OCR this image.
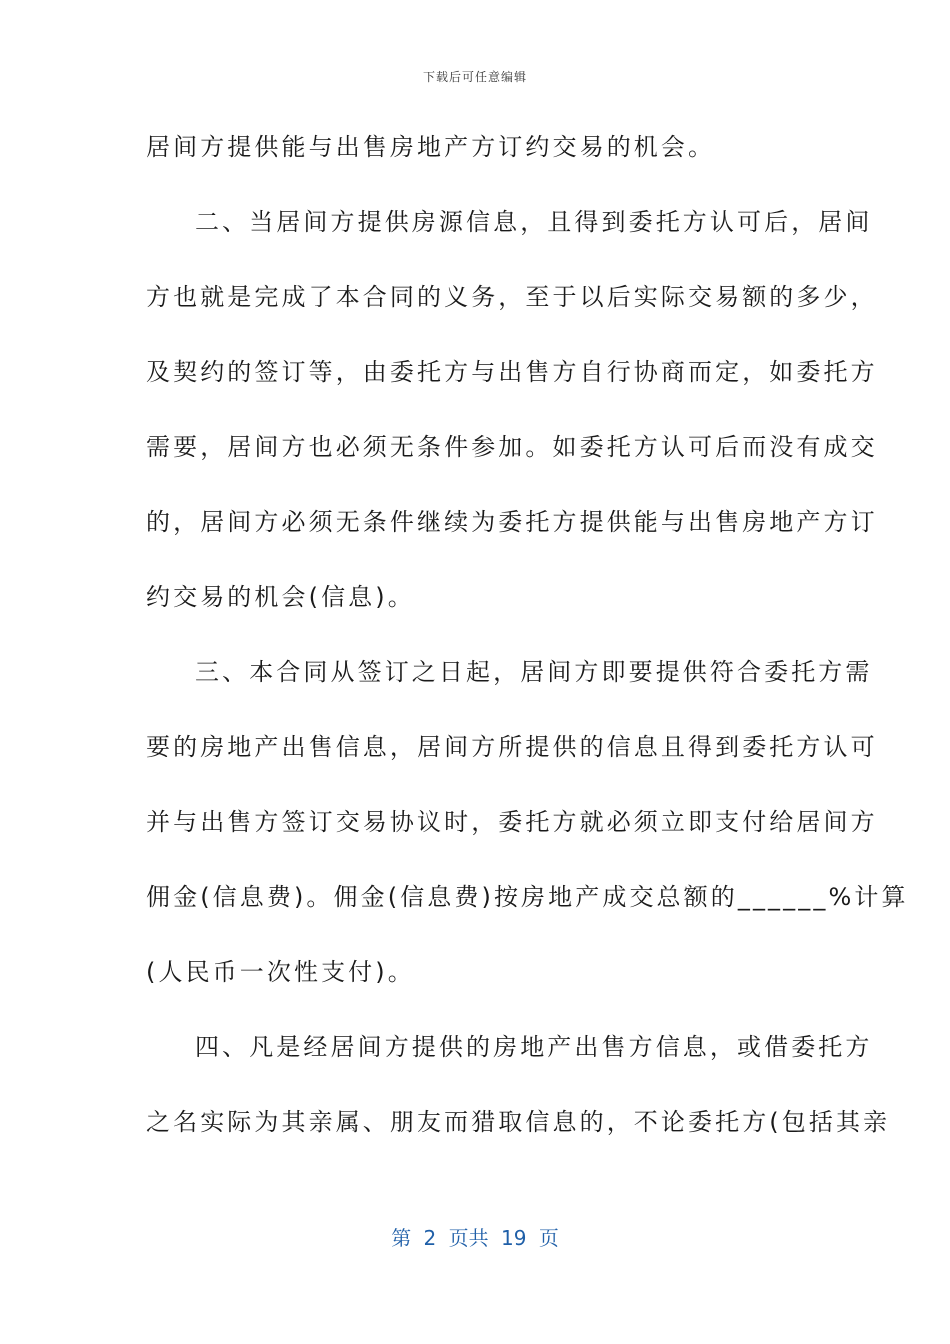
下载后可任意编辑
居间方提供能与出售房地产方订约交易的机会。
二、当居间方提供房源信息，且得到委托方认可后，居间
方也就是完成了本合同的义务，至于以后实际交易额的多少，
及契约的签订等，由委托方与出售方自行协商而定，如委托方
需要，居间方也必须无条件参加。如委托方认可后而没有成交
的，居间方必须无条件继续为委托方提供能与出售房地产方订
约交易的机会(信息)。
三、本合同从签订之日起，居间方即要提供符合委托方需
要的房地产出售信息，居间方所提供的信息且得到委托方认可
并与出售方签订交易协议时，委托方就必须立即支付给居间方
佣金(信息费)。佣金(信息费)按房地产成交总额的______%计算
(人民币一次性支付)。
四、凡是经居间方提供的房地产出售方信息，或借委托方
之名实际为其亲属、朋友而猎取信息的，不论委托方(包括其亲
第 2 页共 19 页
